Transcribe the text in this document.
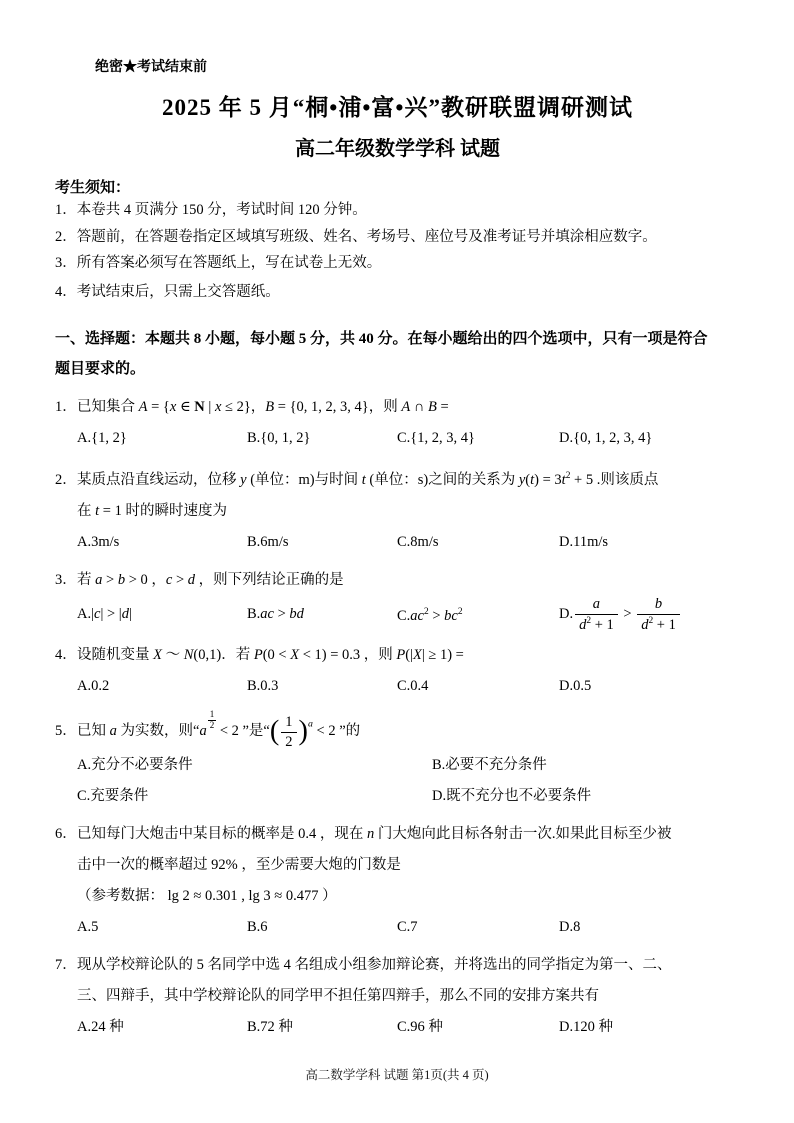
绝密★考试结束前
2025 年 5 月“桐•浦•富•兴”教研联盟调研测试
高二年级数学学科 试题
考生须知：

1．本卷共 4 页满分 150 分，考试时间 120 分钟。

2．答题前，在答题卷指定区域填写班级、姓名、考场号、座位号及准考证号并填涂相应数字。

3．所有答案必须写在答题纸上，写在试卷上无效。

4．考试结束后，只需上交答题纸。

一、选择题：本题共 8 小题，每小题 5 分，共 40 分。在每小题给出的四个选项中，只有一项是符合
题目要求的。

1．已知集合 A = {x ∈ N | x ≤ 2}，B = {0, 1, 2, 3, 4}，则 A ∩ B =

A.{1, 2}	B.{0, 1, 2}	C.{1, 2, 3, 4}	D.{0, 1, 2, 3, 4}

2．某质点沿直线运动，位移 y (单位：m)与时间 t (单位：s)之间的关系为 $y(t) = 3t^2 + 5$ .则该质点
在 t = 1 时的瞬时速度为

A.3m/s	B.6m/s	C.8m/s	D.11m/s

3．若 a > b > 0 ，c > d ，则下列结论正确的是

A.|c| > |d|	B.ac > bd	$C.ac^2 > bc^2$	D. $\frac{a}{d^2 + 1} > \frac{b}{d^2 + 1}$

4．设随机变量 X ～ N(0,1)．若 P(0 < X < 1) = 0.3 ，则 P(|X| ≥ 1) =

A.0.2	B.0.3	C.0.4	D.0.5

5．已知 a 为实数，则“a
$\frac{1}{2}$
< 2 ”是“( $\frac{1}{2} )^a < 2$ ”的

A.充分不必要条件	B.必要不充分条件
C.充要条件	D.既不充分也不必要条件

6．已知每门大炮击中某目标的概率是 0.4 ，现在 n 门大炮向此目标各射击一次.如果此目标至少被
击中一次的概率超过 92% ，至少需要大炮的门数是

（参考数据： lg 2 ≈ 0.301 , lg 3 ≈ 0.477 ）

A.5	B.6	C.7	D.8

7．现从学校辩论队的 5 名同学中选 4 名组成小组参加辩论赛，并将选出的同学指定为第一、二、
三、四辩手，其中学校辩论队的同学甲不担任第四辩手，那么不同的安排方案共有

A.24 种	B.72 种	C.96 种	D.120 种
高二数学学科 试题 第1页(共 4 页)
